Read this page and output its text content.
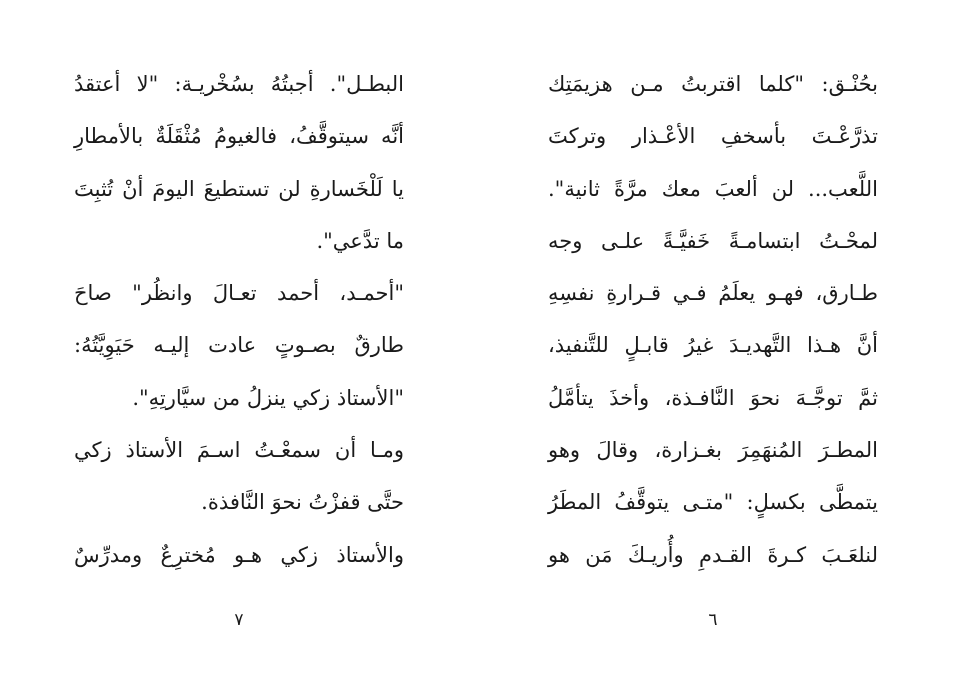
البطـل". أجبتُهُ بسُخْريـة: "لا أعتقدُ
أنَّه سيتوقَّفُ، فالغيومُ مُثْقَلَةٌ بالأمطارِ
يا لَلْخَسارةِ لن تستطيعَ اليومَ أنْ تُثبِتَ
ما تدَّعي".
"أحمـد، أحمد تعـالَ وانظُر" صاحَ
طارقٌ بصـوتٍ عادت إليـه حَيَوِيَّتُهُ:
"الأستاذ زكي ينزلُ من سيَّارتِهِ".
ومـا أن سمعْـتُ اسـمَ الأستاذ زكي
حتَّى قفزْتُ نحوَ النَّافذة.
والأستاذ زكي هـو مُخترِعٌ ومدرِّسٌ
٧
بحُنْـق: "كلما اقتربتُ مـن هزيمَتِك
تذرَّعْـتَ بأسخفِ الأعْـذار وتركتَ
اللَّعب... لن ألعبَ معك مرَّةً ثانية".
لمحْـتُ ابتسامـةً خَفيَّـةً علـى وجه
طـارق، فهـو يعلَمُ فـي قـرارةِ نفسِهِ
أنَّ هـذا التَّهديـدَ غيرُ قابـلٍ للتَّنفيذ،
ثمَّ توجَّـهَ نحوَ النَّافـذة، وأخذَ يتأمَّلُ
المطـرَ المُنهَمِرَ بغـزارة، وقالَ وهو
يتمطَّى بكسلٍ: "متـى يتوقَّفُ المطَرُ
لنلعَـبَ كـرةَ القـدمِ وأُريـكَ مَن هو
٦
